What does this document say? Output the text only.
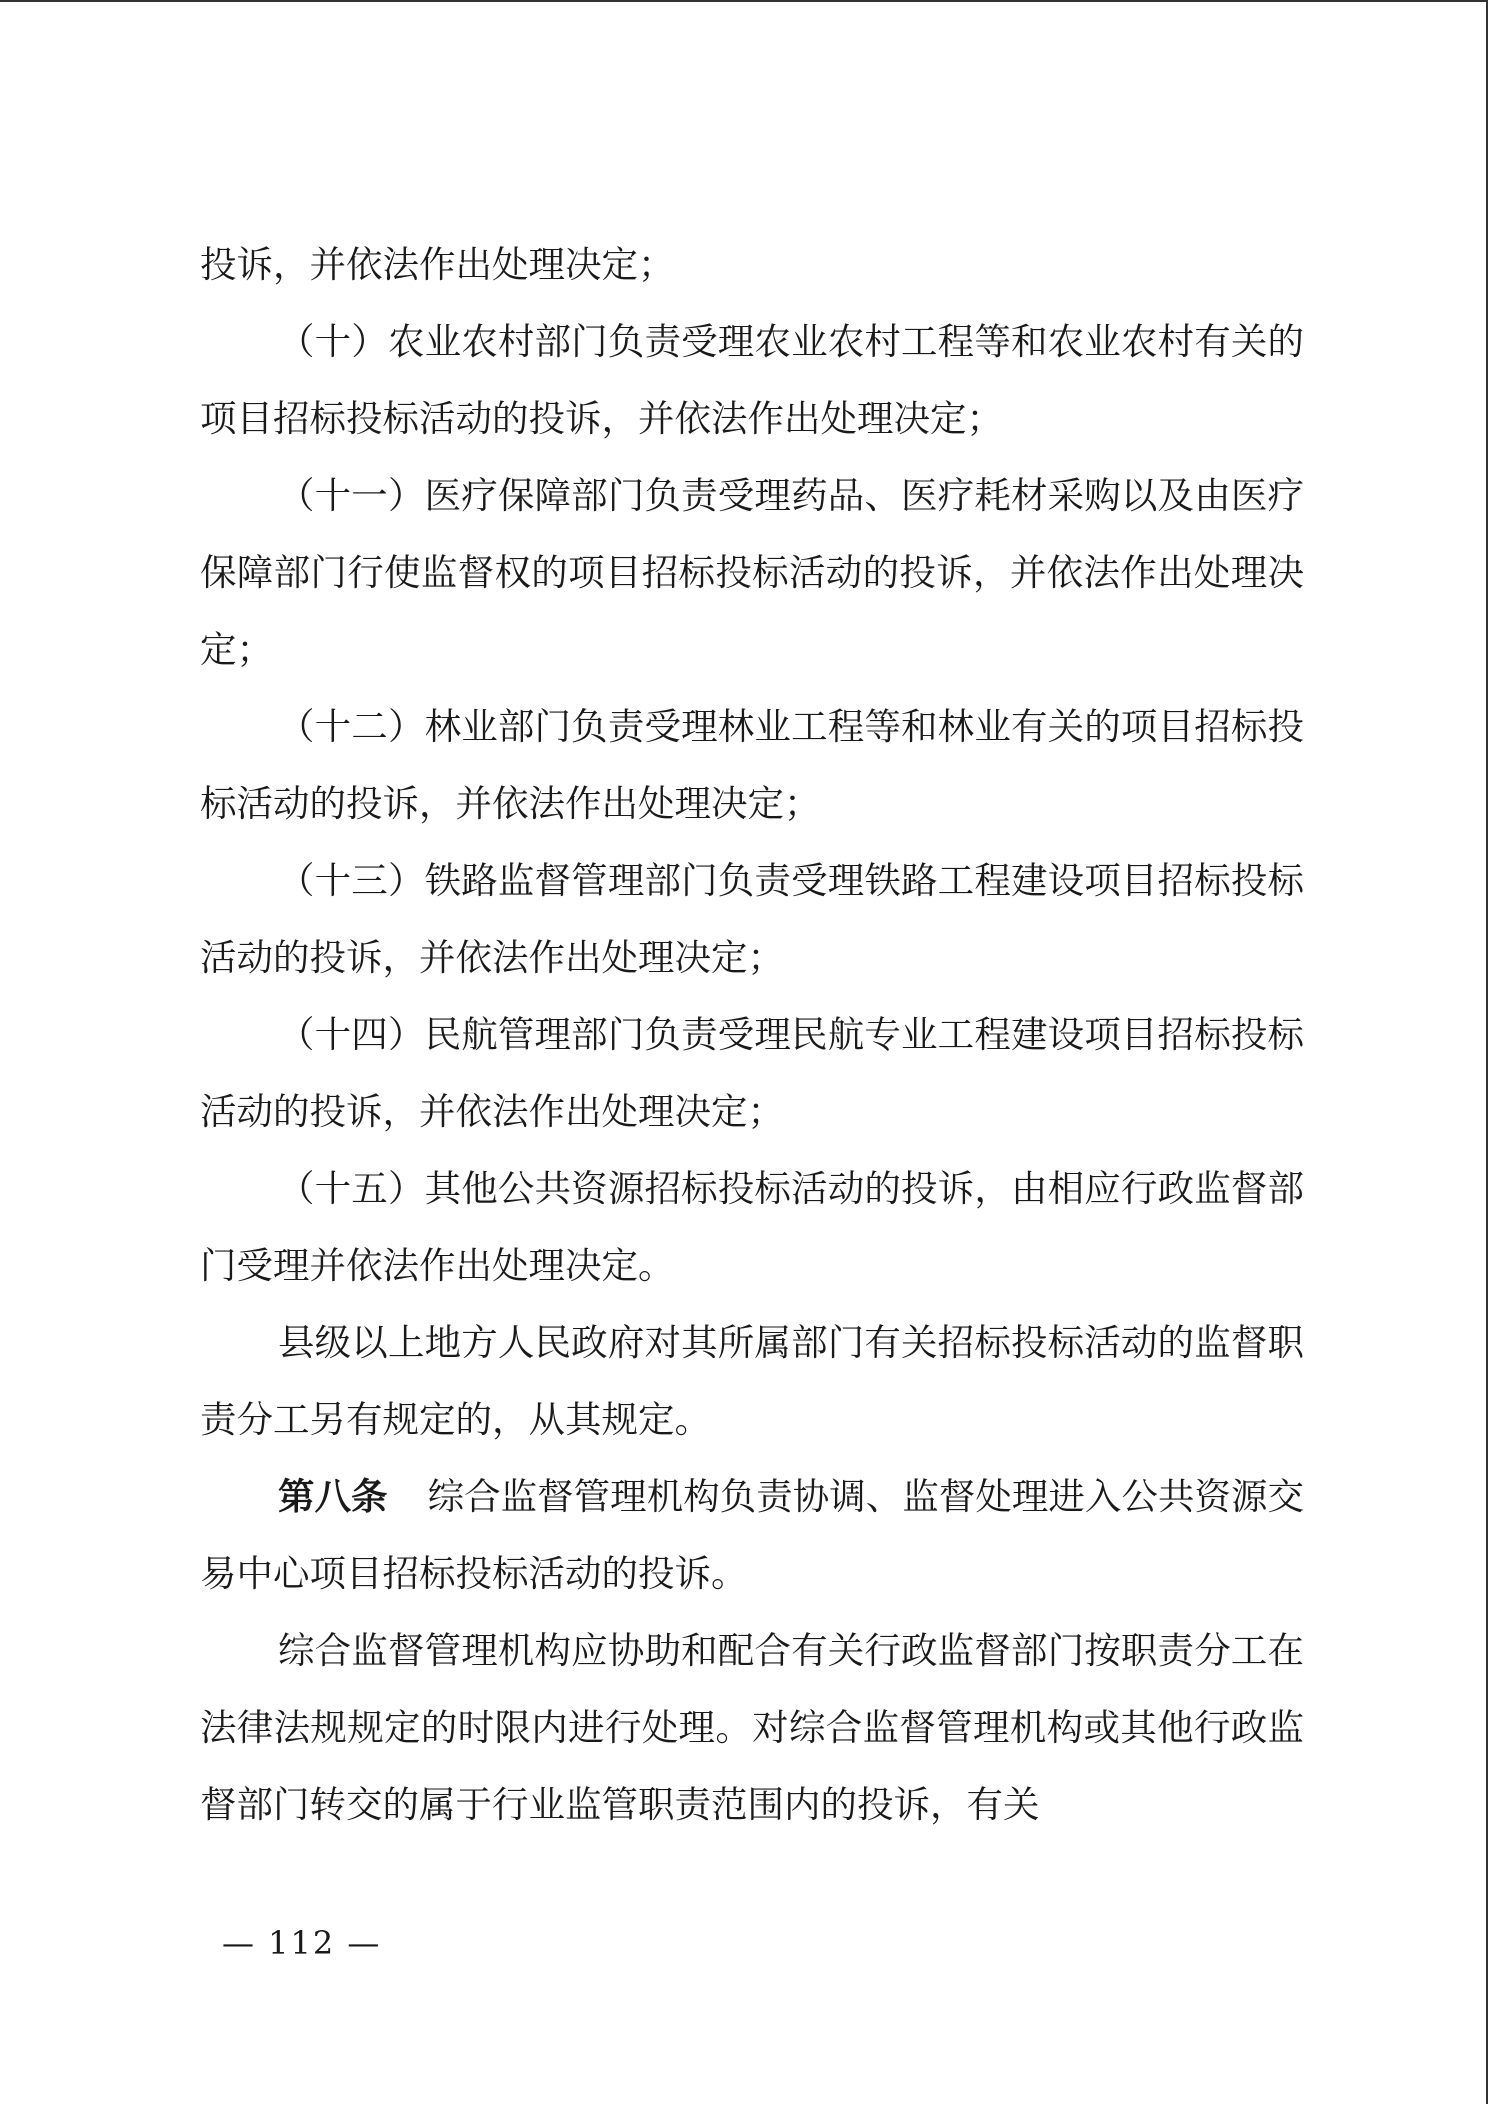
投诉，并依法作出处理决定；

（十）农业农村部门负责受理农业农村工程等和农业农村有关的项目招标投标活动的投诉，并依法作出处理决定；

（十一）医疗保障部门负责受理药品、医疗耗材采购以及由医疗保障部门行使监督权的项目招标投标活动的投诉，并依法作出处理决定；

（十二）林业部门负责受理林业工程等和林业有关的项目招标投标活动的投诉，并依法作出处理决定；

（十三）铁路监督管理部门负责受理铁路工程建设项目招标投标活动的投诉，并依法作出处理决定；

（十四）民航管理部门负责受理民航专业工程建设项目招标投标活动的投诉，并依法作出处理决定；

（十五）其他公共资源招标投标活动的投诉，由相应行政监督部门受理并依法作出处理决定。

县级以上地方人民政府对其所属部门有关招标投标活动的监督职责分工另有规定的，从其规定。

第八条 综合监督管理机构负责协调、监督处理进入公共资源交易中心项目招标投标活动的投诉。

综合监督管理机构应协助和配合有关行政监督部门按职责分工在法律法规规定的时限内进行处理。对综合监督管理机构或其他行政监督部门转交的属于行业监管职责范围内的投诉，有关

— 112 —
